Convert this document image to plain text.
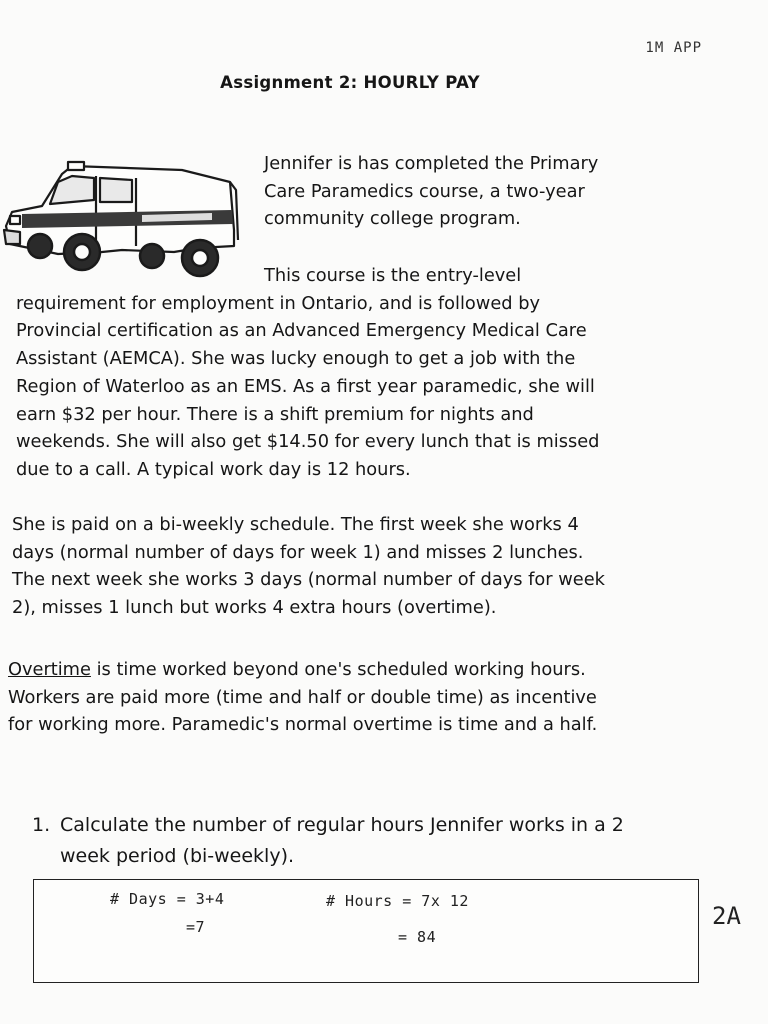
1M APP
Assignment 2: HOURLY PAY
Jennifer is has completed the Primary
Care Paramedics course, a two-year
community college program.
This course is the entry-level
requirement for employment in Ontario, and is followed by
Provincial certification as an Advanced Emergency Medical Care
Assistant (AEMCA). She was lucky enough to get a job with the
Region of Waterloo as an EMS. As a first year paramedic, she will
earn $32 per hour. There is a shift premium for nights and
weekends. She will also get $14.50 for every lunch that is missed
due to a call. A typical work day is 12 hours.
She is paid on a bi-weekly schedule. The first week she works 4
days (normal number of days for week 1) and misses 2 lunches.
The next week she works 3 days (normal number of days for week
2), misses 1 lunch but works 4 extra hours (overtime).
Overtime is time worked beyond one's scheduled working hours.
Workers are paid more (time and half or double time) as incentive
for working more. Paramedic's normal overtime is time and a half.
1. Calculate the number of regular hours Jennifer works in a 2
week period (bi-weekly).
# Days = 3+4
=7
# Hours = 7x 12
= 84
2A
